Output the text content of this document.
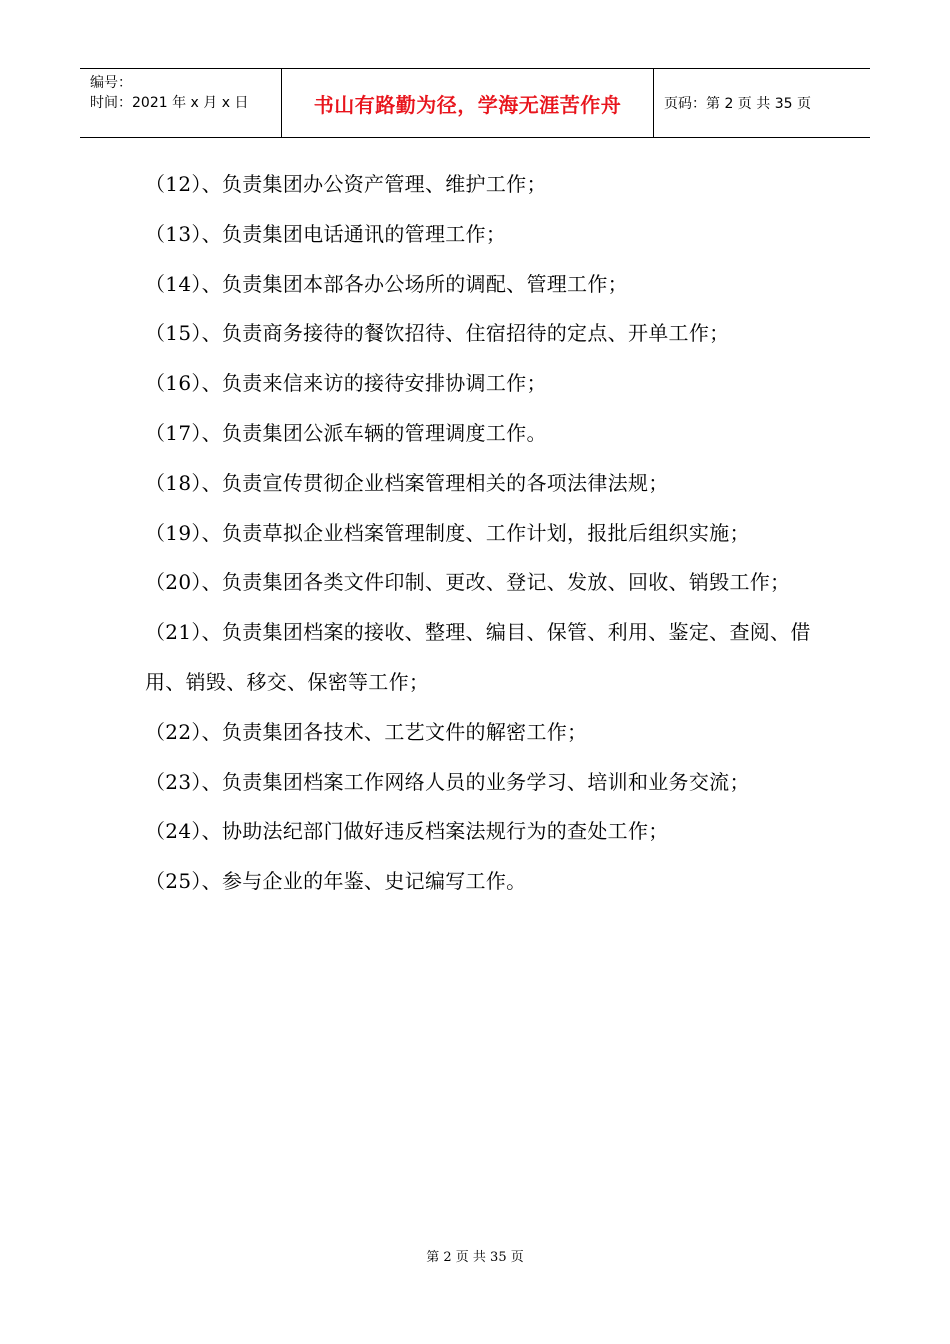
编号：
时间：2021 年 x 月 x 日	书山有路勤为径，学海无涯苦作舟	页码：第 2 页 共 35 页
（12）、负责集团办公资产管理、维护工作；
（13）、负责集团电话通讯的管理工作；
（14）、负责集团本部各办公场所的调配、管理工作；
（15）、负责商务接待的餐饮招待、住宿招待的定点、开单工作；
（16）、负责来信来访的接待安排协调工作；
（17）、负责集团公派车辆的管理调度工作。
（18）、负责宣传贯彻企业档案管理相关的各项法律法规；
（19）、负责草拟企业档案管理制度、工作计划，报批后组织实施；
（20）、负责集团各类文件印制、更改、登记、发放、回收、销毁工作；
（21）、负责集团档案的接收、整理、编目、保管、利用、鉴定、查阅、借用、销毁、移交、保密等工作；
（22）、负责集团各技术、工艺文件的解密工作；
（23）、负责集团档案工作网络人员的业务学习、培训和业务交流；
（24）、协助法纪部门做好违反档案法规行为的查处工作；
（25）、参与企业的年鉴、史记编写工作。
第 2 页 共 35 页
